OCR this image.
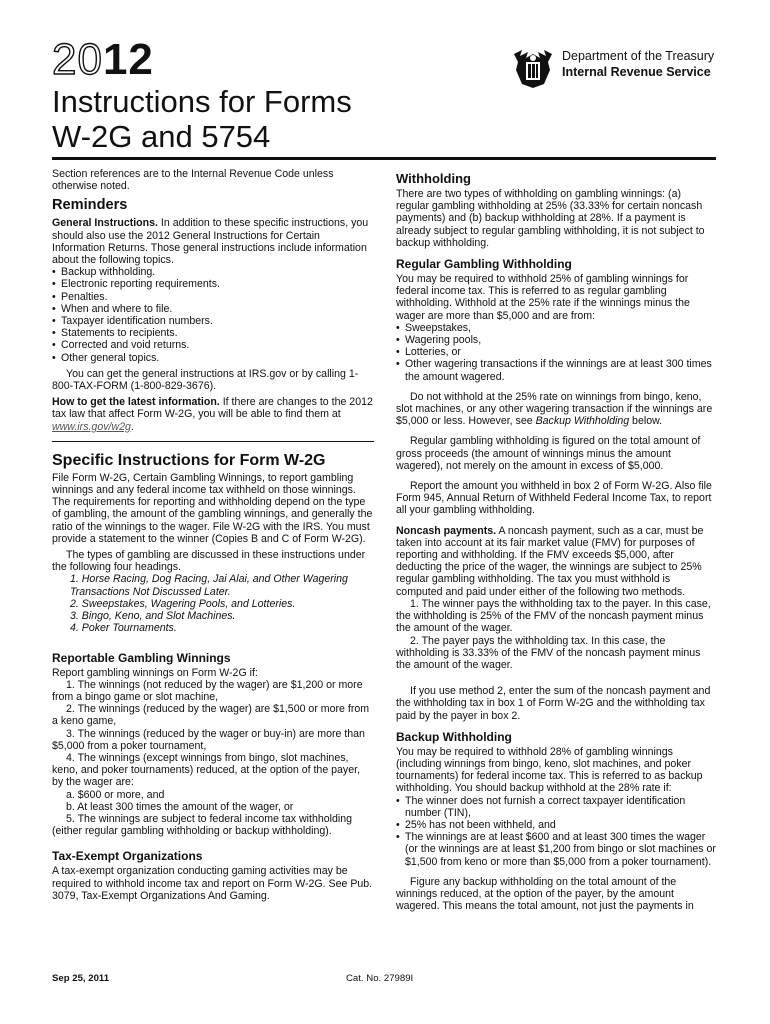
2012
Instructions for Forms
W-2G and 5754
Department of the Treasury
Internal Revenue Service

Section references are to the Internal Revenue Code unless otherwise noted.

Reminders

General Instructions. In addition to these specific instructions, you should also use the 2012 General Instructions for Certain Information Returns. Those general instructions include information about the following topics.

• Backup withholding.
• Electronic reporting requirements.
• Penalties.
• When and where to file.
• Taxpayer identification numbers.
• Statements to recipients.
• Corrected and void returns.
• Other general topics.

You can get the general instructions at IRS.gov or by calling 1-800-TAX-FORM (1-800-829-3676).

How to get the latest information. If there are changes to the 2012 tax law that affect Form W-2G, you will be able to find them at www.irs.gov/w2g.

Specific Instructions for Form W-2G

File Form W-2G, Certain Gambling Winnings, to report gambling winnings and any federal income tax withheld on those winnings. The requirements for reporting and withholding depend on the type of gambling, the amount of the gambling winnings, and generally the ratio of the winnings to the wager. File W-2G with the IRS. You must provide a statement to the winner (Copies B and C of Form W-2G).

The types of gambling are discussed in these instructions under the following four headings.

1. Horse Racing, Dog Racing, Jai Alai, and Other Wagering Transactions Not Discussed Later.
2. Sweepstakes, Wagering Pools, and Lotteries.
3. Bingo, Keno, and Slot Machines.
4. Poker Tournaments.
Reportable Gambling Winnings

Report gambling winnings on Form W-2G if:

1. The winnings (not reduced by the wager) are $1,200 or more from a bingo game or slot machine,

2. The winnings (reduced by the wager) are $1,500 or more from a keno game,

3. The winnings (reduced by the wager or buy-in) are more than $5,000 from a poker tournament,

4. The winnings (except winnings from bingo, slot machines, keno, and poker tournaments) reduced, at the option of the payer, by the wager are:

a. $600 or more, and

b. At least 300 times the amount of the wager, or

5. The winnings are subject to federal income tax withholding (either regular gambling withholding or backup withholding).

Tax-Exempt Organizations

A tax-exempt organization conducting gaming activities may be required to withhold income tax and report on Form W-2G. See Pub. 3079, Tax-Exempt Organizations And Gaming.

Withholding

There are two types of withholding on gambling winnings: (a) regular gambling withholding at 25% (33.33% for certain noncash payments) and (b) backup withholding at 28%. If a payment is already subject to regular gambling withholding, it is not subject to backup withholding.

Regular Gambling Withholding

You may be required to withhold 25% of gambling winnings for federal income tax. This is referred to as regular gambling withholding. Withhold at the 25% rate if the winnings minus the wager are more than $5,000 and are from:

• Sweepstakes,
• Wagering pools,
• Lotteries, or
• Other wagering transactions if the winnings are at least 300 times the amount wagered.

Do not withhold at the 25% rate on winnings from bingo, keno, slot machines, or any other wagering transaction if the winnings are $5,000 or less. However, see Backup Withholding below.

Regular gambling withholding is figured on the total amount of gross proceeds (the amount of winnings minus the amount wagered), not merely on the amount in excess of $5,000.

Report the amount you withheld in box 2 of Form W-2G. Also file Form 945, Annual Return of Withheld Federal Income Tax, to report all your gambling withholding.

Noncash payments. A noncash payment, such as a car, must be taken into account at its fair market value (FMV) for purposes of reporting and withholding. If the FMV exceeds $5,000, after deducting the price of the wager, the winnings are subject to 25% regular gambling withholding. The tax you must withhold is computed and paid under either of the following two methods.

1. The winner pays the withholding tax to the payer. In this case, the withholding is 25% of the FMV of the noncash payment minus the amount of the wager.

2. The payer pays the withholding tax. In this case, the withholding is 33.33% of the FMV of the noncash payment minus the amount of the wager.

If you use method 2, enter the sum of the noncash payment and the withholding tax in box 1 of Form W-2G and the withholding tax paid by the payer in box 2.

Backup Withholding

You may be required to withhold 28% of gambling winnings (including winnings from bingo, keno, slot machines, and poker tournaments) for federal income tax. This is referred to as backup withholding. You should backup withhold at the 28% rate if:

• The winner does not furnish a correct taxpayer identification number (TIN),
• 25% has not been withheld, and
• The winnings are at least $600 and at least 300 times the wager (or the winnings are at least $1,200 from bingo or slot machines or $1,500 from keno or more than $5,000 from a poker tournament).

Figure any backup withholding on the total amount of the winnings reduced, at the option of the payer, by the amount wagered. This means the total amount, not just the payments in

Sep 25, 2011	Cat. No. 27989I
